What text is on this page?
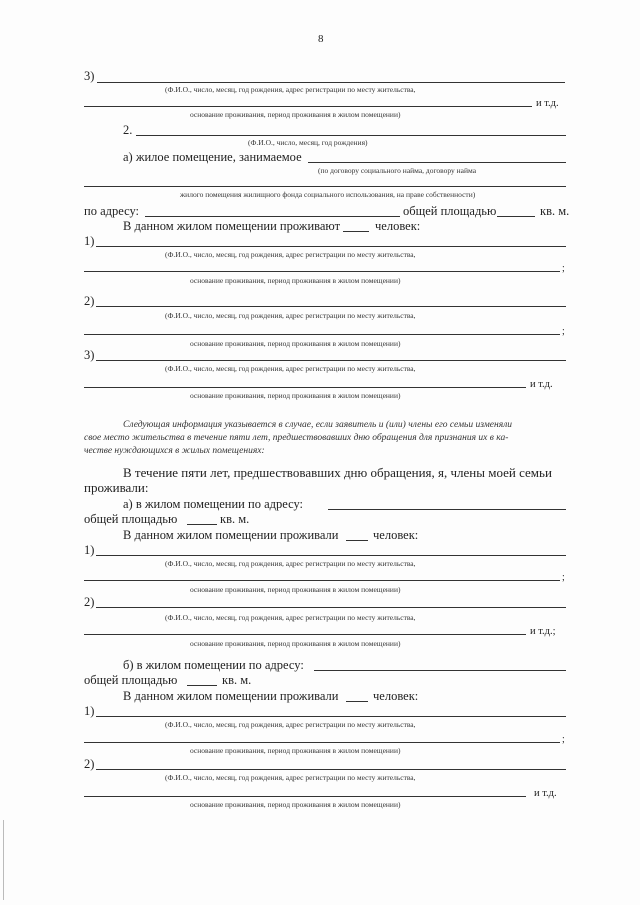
8
3)
(Ф.И.О., число, месяц, год рождения, адрес регистрации по месту жительства,
и т.д.
основание проживания, период проживания в жилом помещении)
2.
(Ф.И.О., число, месяц, год рождения)
а) жилое помещение, занимаемое
(по договору социального найма, договору найма
жилого помещения жилищного фонда социального использования, на праве собственности)
по адресу:	общей площадью	кв. м.
В данном жилом помещении проживают	человек:
1)
(Ф.И.О., число, месяц, год рождения, адрес регистрации по месту жительства,
;
основание проживания, период проживания в жилом помещении)
2)
(Ф.И.О., число, месяц, год рождения, адрес регистрации по месту жительства,
;
основание проживания, период проживания в жилом помещении)
3)
(Ф.И.О., число, месяц, год рождения, адрес регистрации по месту жительства,
и т.д.
основание проживания, период проживания в жилом помещении)
Следующая информация указывается в случае, если заявитель и (или) члены его семьи изменяли
свое место жительства в течение пяти лет, предшествовавших дню обращения для признания их в ка-
честве нуждающихся в жилых помещениях:
В течение пяти лет, предшествовавших дню обращения, я, члены моей семьи
проживали:
а) в жилом помещении по адресу:
общей площадью	кв. м.
В данном жилом помещении проживали	человек:
1)
(Ф.И.О., число, месяц, год рождения, адрес регистрации по месту жительства,
;
основание проживания, период проживания в жилом помещении)
2)
(Ф.И.О., число, месяц, год рождения, адрес регистрации по месту жительства,
и т.д.;
основание проживания, период проживания в жилом помещении)
б) в жилом помещении по адресу:
общей площадью	кв. м.
В данном жилом помещении проживали	человек:
1)
(Ф.И.О., число, месяц, год рождения, адрес регистрации по месту жительства,
;
основание проживания, период проживания в жилом помещении)
2)
(Ф.И.О., число, месяц, год рождения, адрес регистрации по месту жительства,
и т.д.
основание проживания, период проживания в жилом помещении)
